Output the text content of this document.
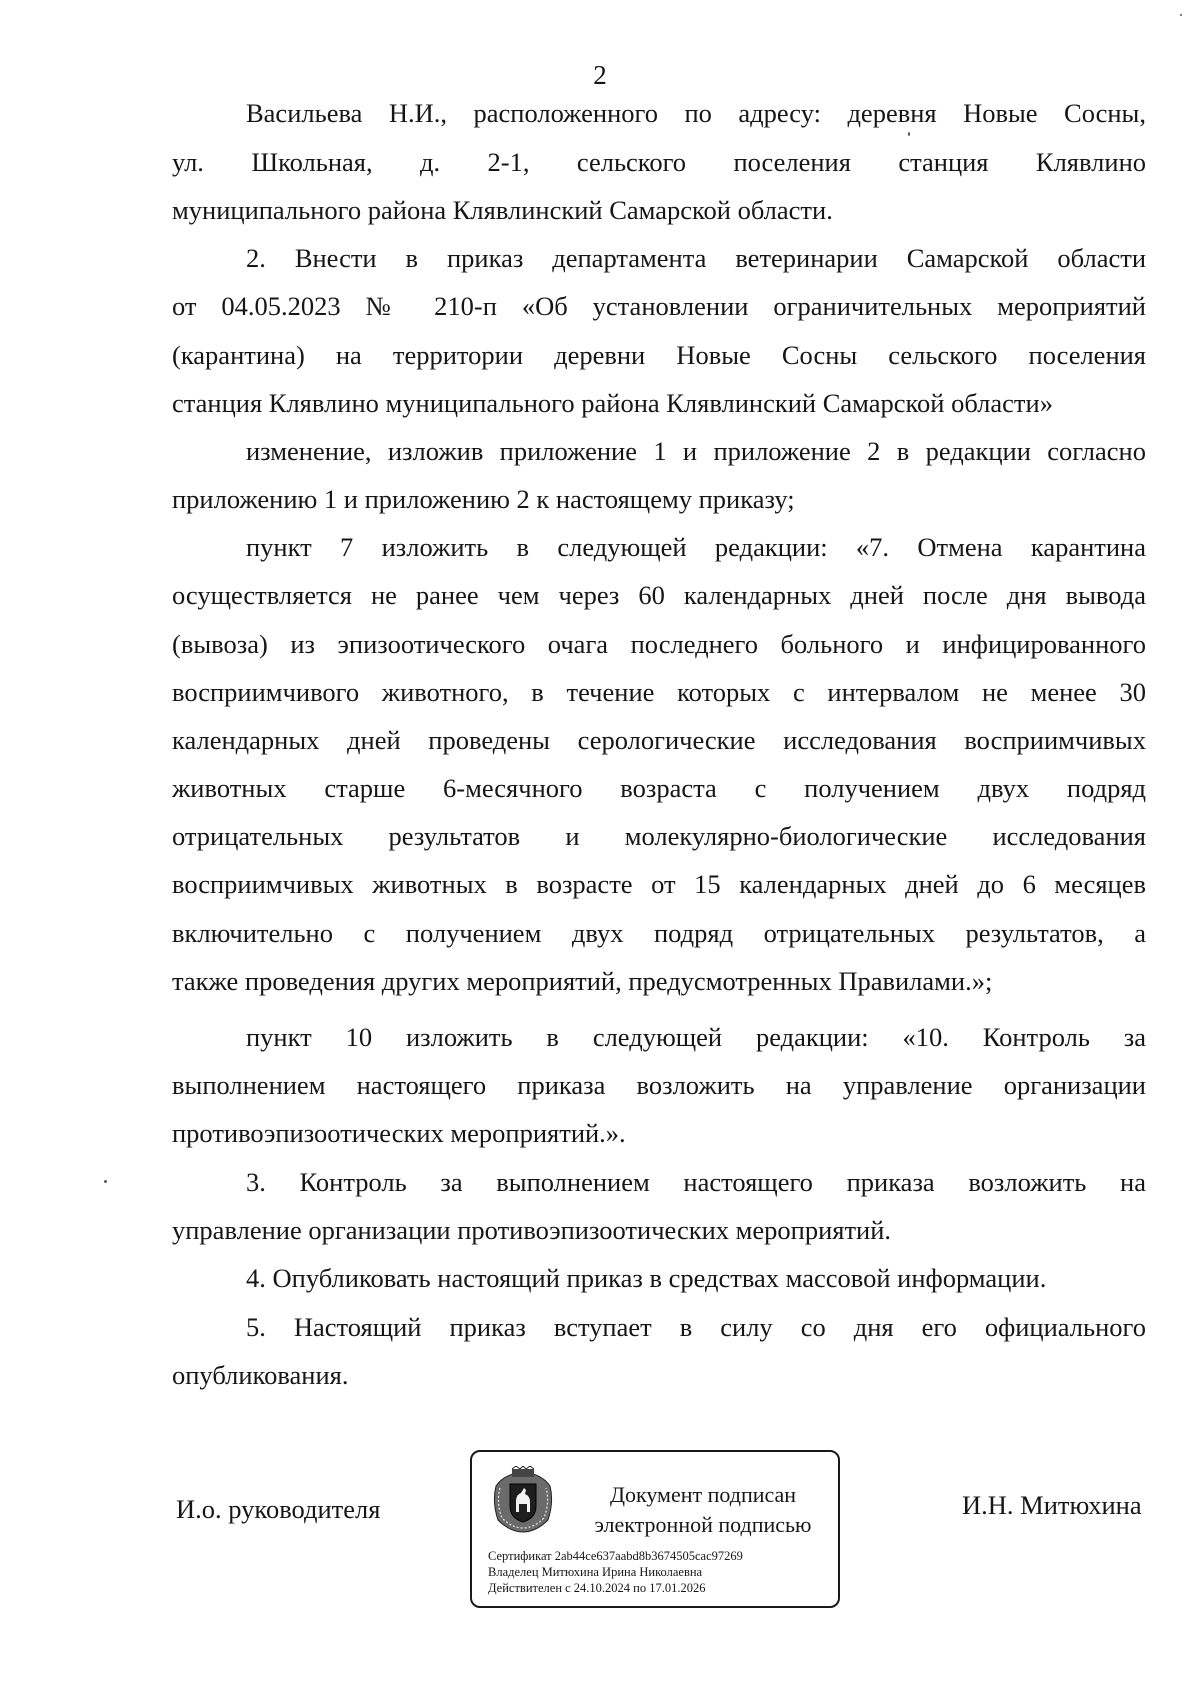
2
Васильева Н.И., расположенного по адресу: деревня Новые Сосны,
ул. Школьная, д. 2-1, сельского поселения станция Клявлино
муниципального района Клявлинский Самарской области.
2. Внести в приказ департамента ветеринарии Самарской области
от 04.05.2023 № 210-п «Об установлении ограничительных мероприятий
(карантина) на территории деревни Новые Сосны сельского поселения
станция Клявлино муниципального района Клявлинский Самарской области»
изменение, изложив приложение 1 и приложение 2 в редакции согласно
приложению 1 и приложению 2 к настоящему приказу;
пункт 7 изложить в следующей редакции: «7. Отмена карантина
осуществляется не ранее чем через 60 календарных дней после дня вывода
(вывоза) из эпизоотического очага последнего больного и инфицированного
восприимчивого животного, в течение которых с интервалом не менее 30
календарных дней проведены серологические исследования восприимчивых
животных старше 6-месячного возраста с получением двух подряд
отрицательных результатов и молекулярно-биологические исследования
восприимчивых животных в возрасте от 15 календарных дней до 6 месяцев
включительно с получением двух подряд отрицательных результатов, а
также проведения других мероприятий, предусмотренных Правилами.»;
пункт 10 изложить в следующей редакции: «10. Контроль за
выполнением настоящего приказа возложить на управление организации
противоэпизоотических мероприятий.».
3. Контроль за выполнением настоящего приказа возложить на
управление организации противоэпизоотических мероприятий.
4. Опубликовать настоящий приказ в средствах массовой информации.
5. Настоящий приказ вступает в силу со дня его официального
опубликования.
И.о. руководителя	Документ подписан
электронной подписью
Сертификат 2ab44ce637aabd8b3674505cac97269
Владелец Митюхина Ирина Николаевна
Действителен с 24.10.2024 по 17.01.2026
И.Н. Митюхина
